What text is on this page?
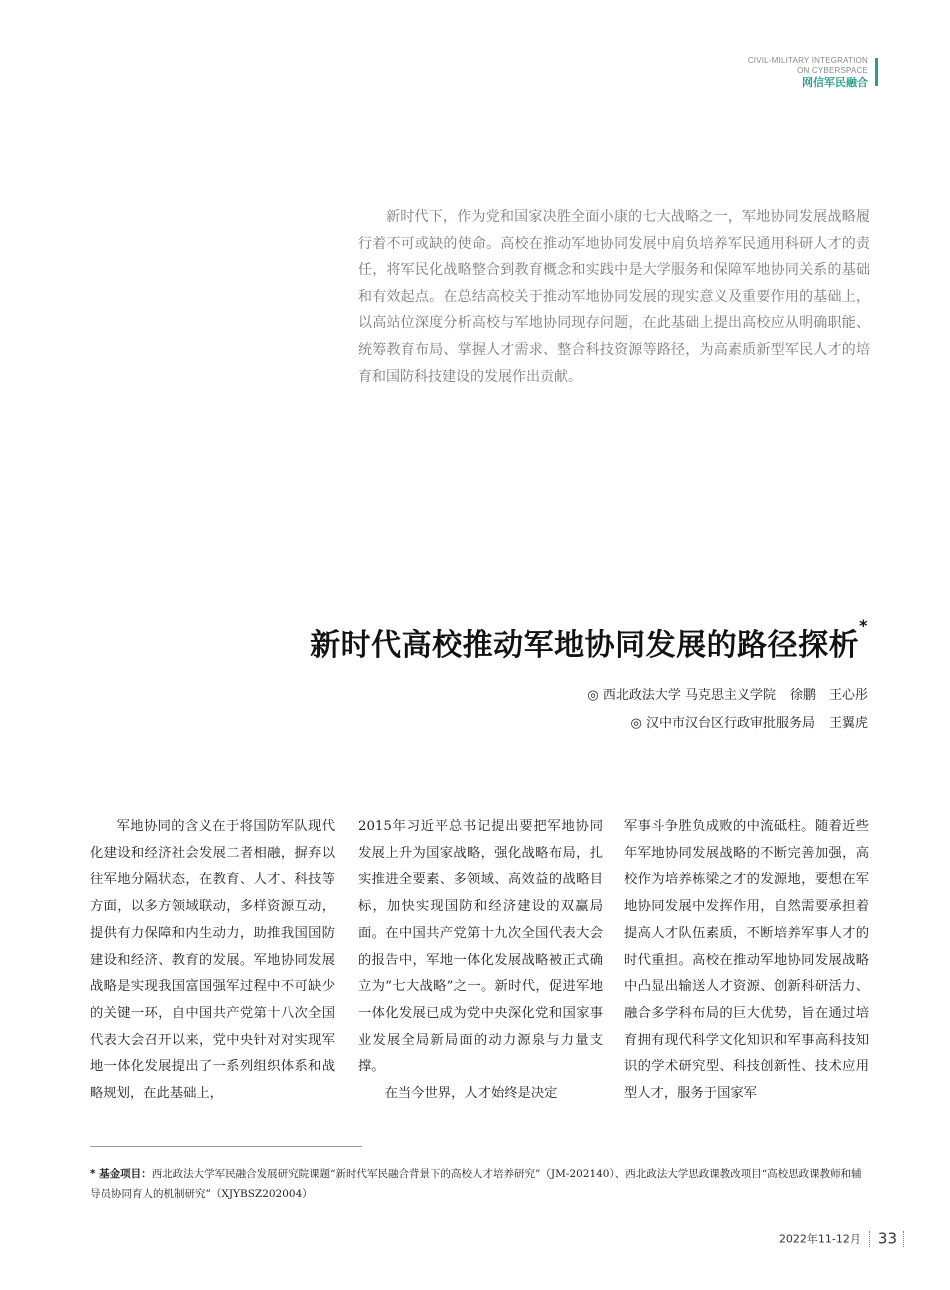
CIVIL-MILITARY INTEGRATION
ON CYBERSPACE
网信军民融合

新时代下，作为党和国家决胜全面小康的七大战略之一，军地协同发展战略履行着不可或缺的使命。高校在推动军地协同发展中肩负培养军民通用科研人才的责任，将军民化战略整合到教育概念和实践中是大学服务和保障军地协同关系的基础和有效起点。在总结高校关于推动军地协同发展的现实意义及重要作用的基础上，以高站位深度分析高校与军地协同现存问题，在此基础上提出高校应从明确职能、统筹教育布局、掌握人才需求、整合科技资源等路径，为高素质新型军民人才的培育和国防科技建设的发展作出贡献。

新时代高校推动军地协同发展的路径探析*
◎ 西北政法大学 马克思主义学院 徐鹏　王心彤
◎ 汉中市汉台区行政审批服务局 王翼虎

军地协同的含义在于将国防军队现代化建设和经济社会发展二者相融，摒弃以往军地分隔状态，在教育、人才、科技等方面，以多方领域联动，多样资源互动，提供有力保障和内生动力，助推我国国防建设和经济、教育的发展。军地协同发展战略是实现我国富国强军过程中不可缺少的关键一环，自中国共产党第十八次全国代表大会召开以来，党中央针对对实现军地一体化发展提出了一系列组织体系和战略规划，在此基础上，

2015年习近平总书记提出要把军地协同发展上升为国家战略，强化战略布局，扎实推进全要素、多领域、高效益的战略目标，加快实现国防和经济建设的双赢局面。在中国共产党第十九次全国代表大会的报告中，军地一体化发展战略被正式确立为“七大战略”之一。新时代，促进军地一体化发展已成为党中央深化党和国家事业发展全局新局面的动力源泉与力量支撑。

在当今世界，人才始终是决定

军事斗争胜负成败的中流砥柱。随着近些年军地协同发展战略的不断完善加强，高校作为培养栋梁之才的发源地，要想在军地协同发展中发挥作用，自然需要承担着提高人才队伍素质，不断培养军事人才的时代重担。高校在推动军地协同发展战略中凸显出输送人才资源、创新科研活力、融合多学科布局的巨大优势，旨在通过培育拥有现代科学文化知识和军事高科技知识的学术研究型、科技创新性、技术应用型人才，服务于国家军

* 基金项目：西北政法大学军民融合发展研究院课题“新时代军民融合背景下的高校人才培养研究”（JM-202140）、西北政法大学思政课教改项目“高校思政课教师和辅导员协同育人的机制研究”（XJYBSZ202004）

2022年11-12月 33
